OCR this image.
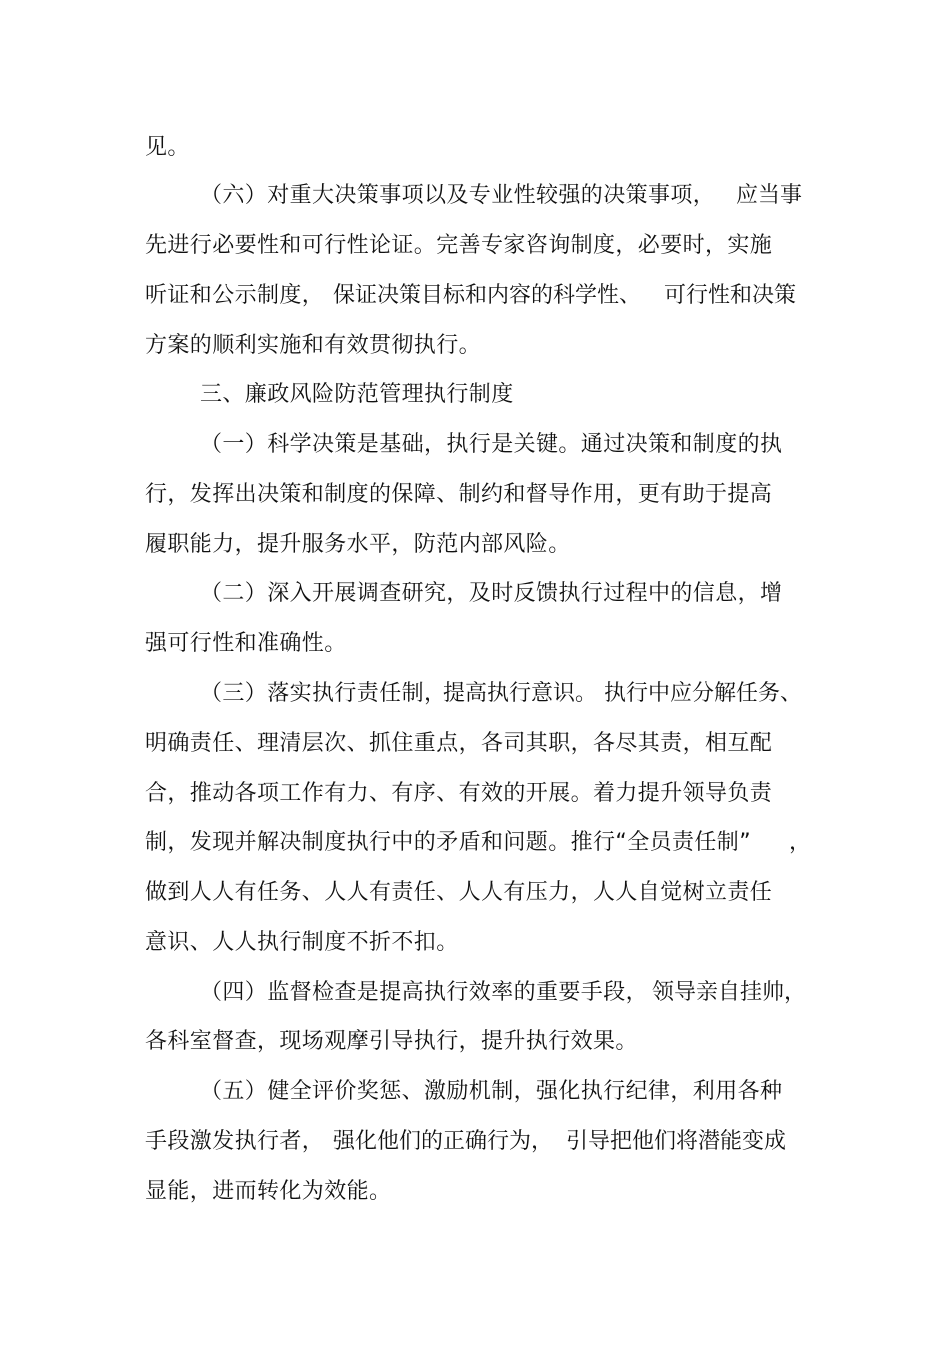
见。
（六）对重大决策事项以及专业性较强的决策事项， 应当事
先进行必要性和可行性论证。完善专家咨询制度，必要时，实施
听证和公示制度， 保证决策目标和内容的科学性、 可行性和决策
方案的顺利实施和有效贯彻执行。
三、廉政风险防范管理执行制度
（一）科学决策是基础，执行是关键。通过决策和制度的执
行，发挥出决策和制度的保障、制约和督导作用，更有助于提高
履职能力，提升服务水平，防范内部风险。
（二）深入开展调查研究，及时反馈执行过程中的信息，增
强可行性和准确性。
（三）落实执行责任制，
提高执行意识。 执行中应分解任务、
明确责任、理清层次、抓住重点，各司其职，各尽其责，相互配
合，推动各项工作有力、有序、有效的开展。着力提升领导负责
制，发现并解决制度执行中的矛盾和问题。推行“全员责任制” ，
做到人人有任务、人人有责任、人人有压力，人人自觉树立责任
意识、人人执行制度不折不扣。
（四）监督检查是提高执行效率的重要手段， 领导亲自挂帅，
各科室督查，现场观摩引导执行，提升执行效果。
（五）健全评价奖惩、激励机制，强化执行纪律，利用各种
手段激发执行者， 强化他们的正确行为， 引导把他们将潜能变成
显能，进而转化为效能。
